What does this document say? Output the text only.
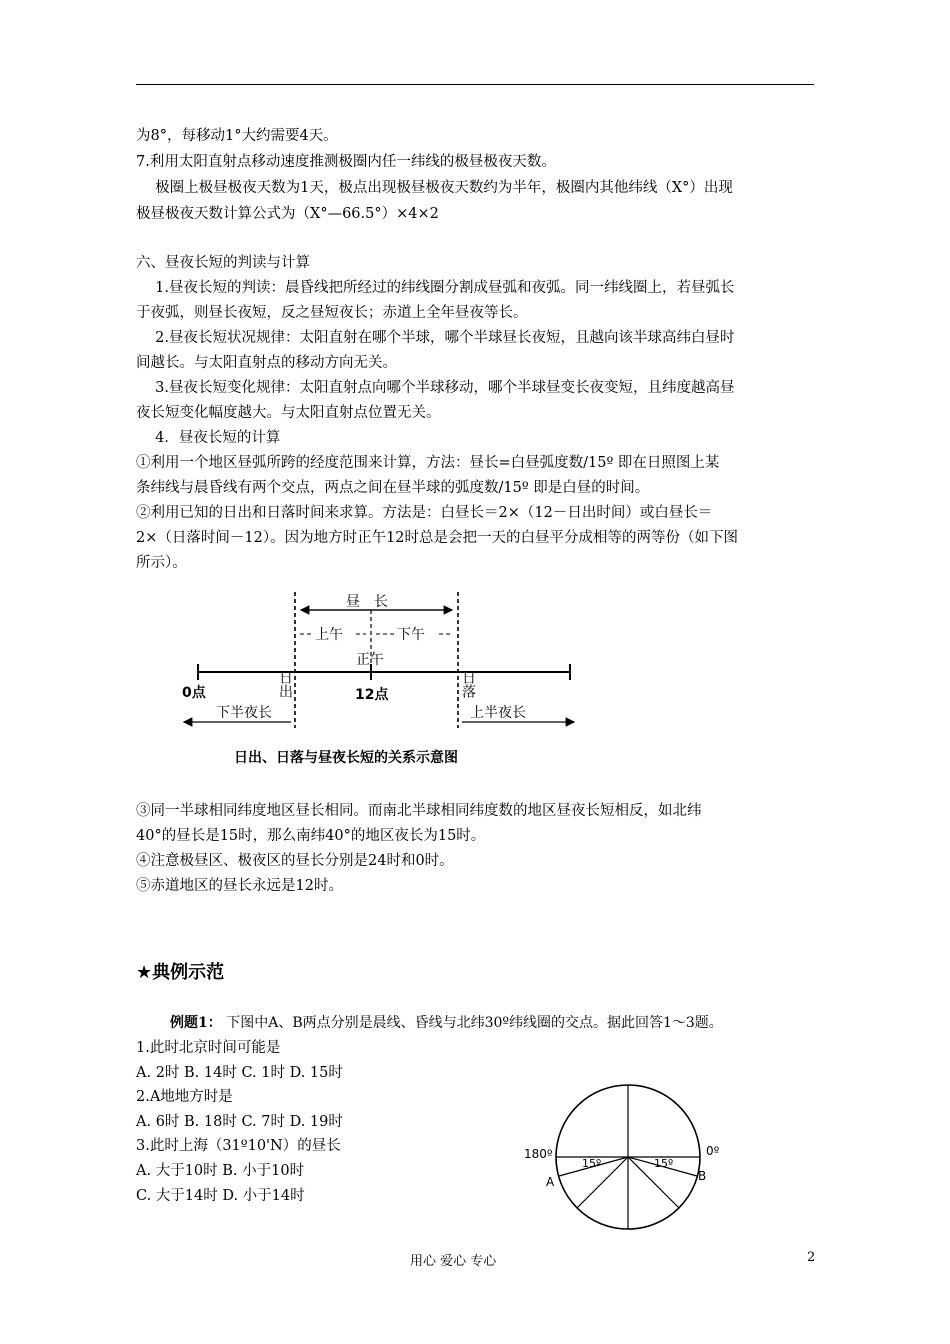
为8°，每移动1°大约需要4天。
7.利用太阳直射点移动速度推测极圈内任一纬线的极昼极夜天数。
　 极圈上极昼极夜天数为1天，极点出现极昼极夜天数约为半年，极圈内其他纬线（X°）出现
极昼极夜天数计算公式为（X°—66.5°）×4×2
六、昼夜长短的判读与计算
　 1.昼夜长短的判读：晨昏线把所经过的纬线圈分割成昼弧和夜弧。同一纬线圈上，若昼弧长
于夜弧，则昼长夜短，反之昼短夜长；赤道上全年昼夜等长。
　 2.昼夜长短状况规律：太阳直射在哪个半球，哪个半球昼长夜短，且越向该半球高纬白昼时
间越长。与太阳直射点的移动方向无关。
　 3.昼夜长短变化规律：太阳直射点向哪个半球移动，哪个半球昼变长夜变短，且纬度越高昼
夜长短变化幅度越大。与太阳直射点位置无关。
　 4．昼夜长短的计算
①利用一个地区昼弧所跨的经度范围来计算，方法：昼长=白昼弧度数/15º 即在日照图上某
条纬线与晨昏线有两个交点，两点之间在昼半球的弧度数/15º 即是白昼的时间。
②利用已知的日出和日落时间来求算。方法是：白昼长＝2×（12－日出时间）或白昼长＝
2×（日落时间－12）。因为地方时正午12时总是会把一天的白昼平分成相等的两等份（如下图
所示）。
昼　长
上午	下午
正午
日出	日落
0点	12点
下半夜长	上半夜长
日出、日落与昼夜长短的关系示意图
③同一半球相同纬度地区昼长相同。而南北半球相同纬度数的地区昼夜长短相反，如北纬
40°的昼长是15时，那么南纬40°的地区夜长为15时。
④注意极昼区、极夜区的昼长分别是24时和0时。
⑤赤道地区的昼长永远是12时。
★典例示范
例题1： 下图中A、B两点分别是晨线、昏线与北纬30º纬线圈的交点。据此回答1～3题。
1.此时北京时间可能是
A. 2时 B. 14时 C. 1时 D. 15时
2.A地地方时是
A. 6时 B. 18时 C. 7时 D. 19时
3.此时上海（31º10'N）的昼长
A. 大于10时 B. 小于10时
C. 大于14时 D. 小于14时
180º	0º
15º	15º
A	B
用心 爱心 专心	2
